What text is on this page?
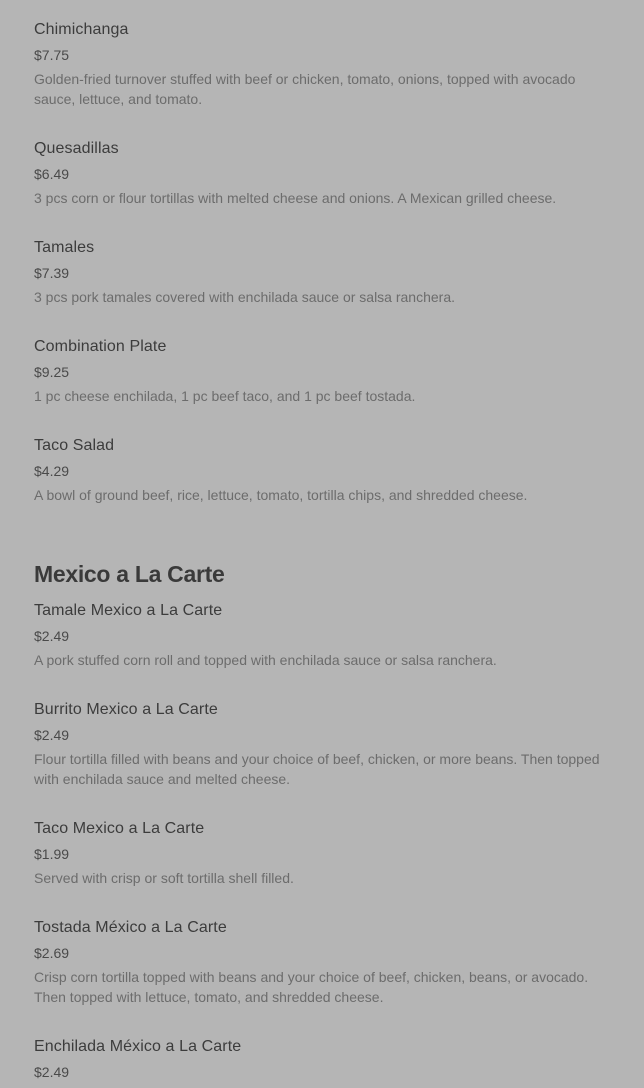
Chimichanga
$7.75
Golden-fried turnover stuffed with beef or chicken, tomato, onions, topped with avocado sauce, lettuce, and tomato.
Quesadillas
$6.49
3 pcs corn or flour tortillas with melted cheese and onions. A Mexican grilled cheese.
Tamales
$7.39
3 pcs pork tamales covered with enchilada sauce or salsa ranchera.
Combination Plate
$9.25
1 pc cheese enchilada, 1 pc beef taco, and 1 pc beef tostada.
Taco Salad
$4.29
A bowl of ground beef, rice, lettuce, tomato, tortilla chips, and shredded cheese.
Mexico a La Carte
Tamale Mexico a La Carte
$2.49
A pork stuffed corn roll and topped with enchilada sauce or salsa ranchera.
Burrito Mexico a La Carte
$2.49
Flour tortilla filled with beans and your choice of beef, chicken, or more beans. Then topped with enchilada sauce and melted cheese.
Taco Mexico a La Carte
$1.99
Served with crisp or soft tortilla shell filled.
Tostada México a La Carte
$2.69
Crisp corn tortilla topped with beans and your choice of beef, chicken, beans, or avocado. Then topped with lettuce, tomato, and shredded cheese.
Enchilada México a La Carte
$2.49
